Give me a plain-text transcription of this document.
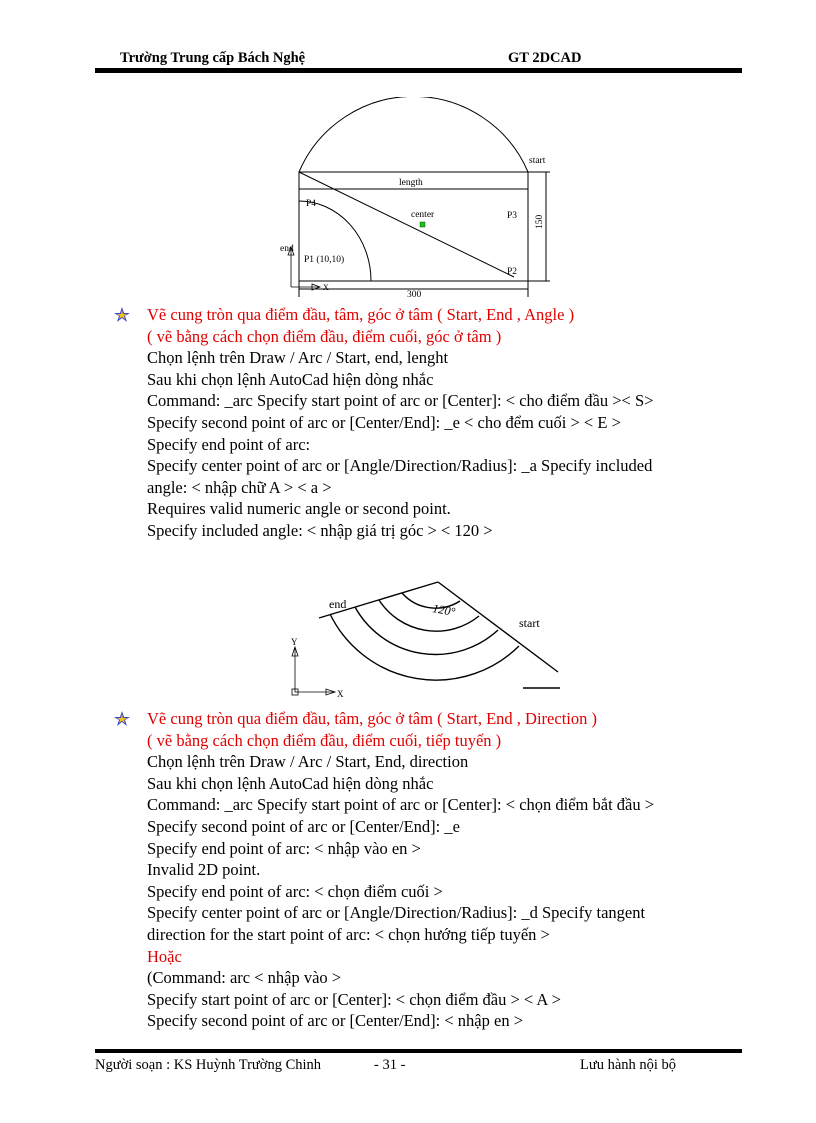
Trường Trung cấp Bách Nghệ	GT 2DCAD
start
length
P4
center	P3
end
P1 (10,10)
P2
X
300
150
Vẽ cung tròn qua điểm đầu, tâm, góc ở tâm ( Start, End , Angle )
( vẽ bằng cách chọn điểm đầu, điểm cuối, góc ở tâm )
Chọn lệnh trên Draw / Arc / Start, end, lenght
Sau khi chọn lệnh AutoCad hiện dòng nhắc
Command: _arc Specify start point of arc or [Center]: < cho điểm đầu >< S>
Specify second point of arc or [Center/End]: _e < cho đểm cuối > < E >
Specify end point of arc:
Specify center point of arc or [Angle/Direction/Radius]: _a Specify included
angle: < nhập chữ A > < a >
Requires valid numeric angle or second point.
Specify included angle: < nhập giá trị góc > < 120 >
end	120°
start
Y
X
Vẽ cung tròn qua điểm đầu, tâm, góc ở tâm ( Start, End , Direction )
( vẽ bằng cách chọn điểm đầu, điểm cuối, tiếp tuyến )
Chọn lệnh trên Draw / Arc / Start, End, direction
Sau khi chọn lệnh AutoCad hiện dòng nhắc
Command: _arc Specify start point of arc or [Center]: < chọn điểm bắt đầu >
Specify second point of arc or [Center/End]: _e
Specify end point of arc: < nhập vào en >
Invalid 2D point.
Specify end point of arc: < chọn điểm cuối >
Specify center point of arc or [Angle/Direction/Radius]: _d Specify tangent
direction for the start point of arc: < chọn hướng tiếp tuyến >
Hoặc
(Command: arc < nhập vào >
Specify start point of arc or [Center]: < chọn điểm đầu > < A >
Specify second point of arc or [Center/End]: < nhập en >
Người soạn : KS Huỳnh Trường Chinh	- 31 -	Lưu hành nội bộ
